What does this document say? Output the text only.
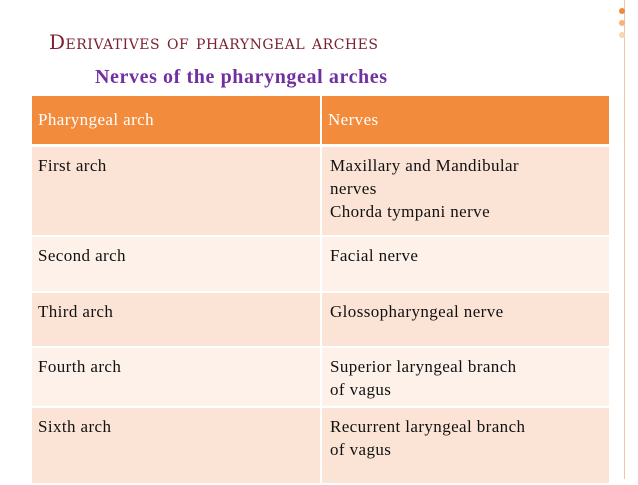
Derivatives of pharyngeal arches
Nerves of the pharyngeal arches
Pharyngeal arch	Nerves
First arch	Maxillary and Mandibular
nerves
Chorda tympani nerve

Second arch	Facial nerve

Third arch	Glossopharyngeal nerve

Fourth arch	Superior laryngeal branch
of vagus

Sixth arch	Recurrent laryngeal branch
of vagus
